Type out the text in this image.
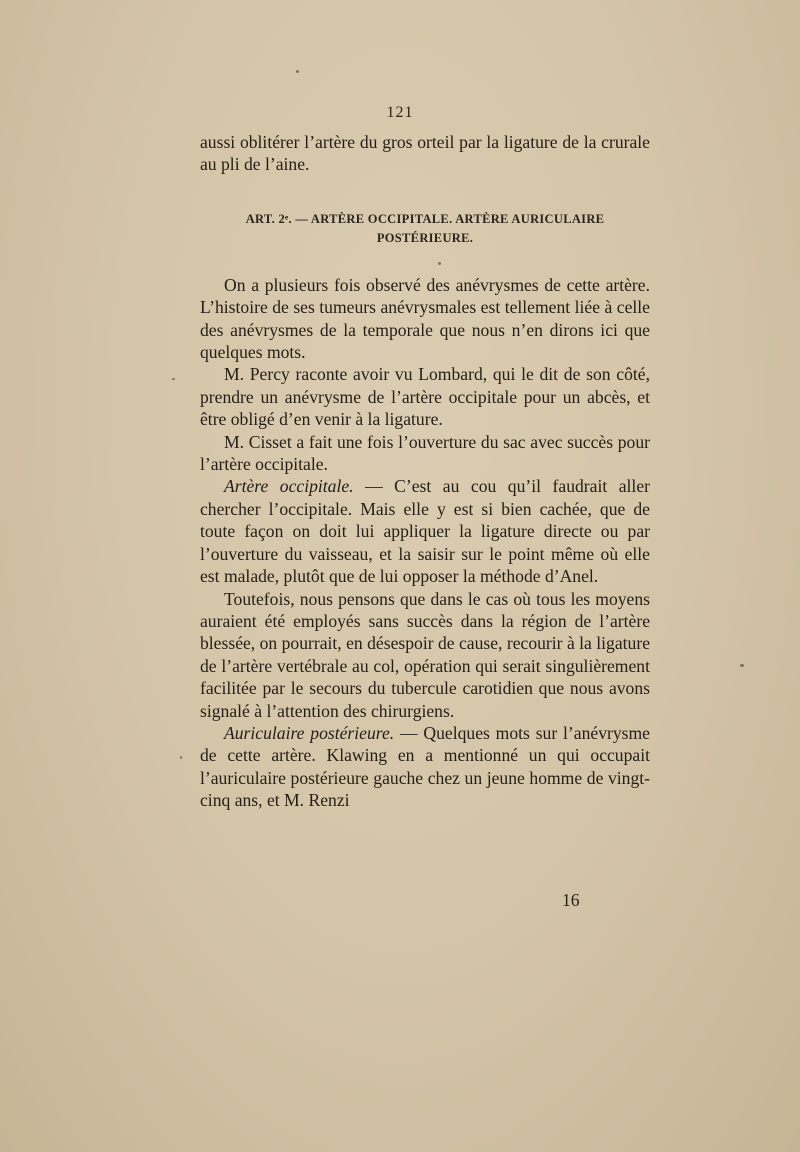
121

aussi oblitérer l’artère du gros orteil par la ligature de la crurale au pli de l’aine.

ART. 2ᵉ. — ARTÈRE OCCIPITALE. ARTÈRE AURICULAIRE
POSTÉRIEURE.

On a plusieurs fois observé des anévrysmes de cette artère. L’histoire de ses tumeurs anévrysmales est tellement liée à celle des anévrysmes de la temporale que nous n’en dirons ici que quelques mots.

M. Percy raconte avoir vu Lombard, qui le dit de son côté, prendre un anévrysme de l’artère occipitale pour un abcès, et être obligé d’en venir à la ligature.

M. Cisset a fait une fois l’ouverture du sac avec succès pour l’artère occipitale.

Artère occipitale. — C’est au cou qu’il faudrait aller chercher l’occipitale. Mais elle y est si bien cachée, que de toute façon on doit lui appliquer la ligature directe ou par l’ouverture du vaisseau, et la saisir sur le point même où elle est malade, plutôt que de lui opposer la méthode d’Anel.

Toutefois, nous pensons que dans le cas où tous les moyens auraient été employés sans succès dans la région de l’artère blessée, on pourrait, en désespoir de cause, recourir à la ligature de l’artère vertébrale au col, opération qui serait singulièrement facilitée par le secours du tubercule carotidien que nous avons signalé à l’attention des chirurgiens.

Auriculaire postérieure. — Quelques mots sur l’anévrysme de cette artère. Klawing en a mentionné un qui occupait l’auriculaire postérieure gauche chez un jeune homme de vingt-cinq ans, et M. Renzi

16
